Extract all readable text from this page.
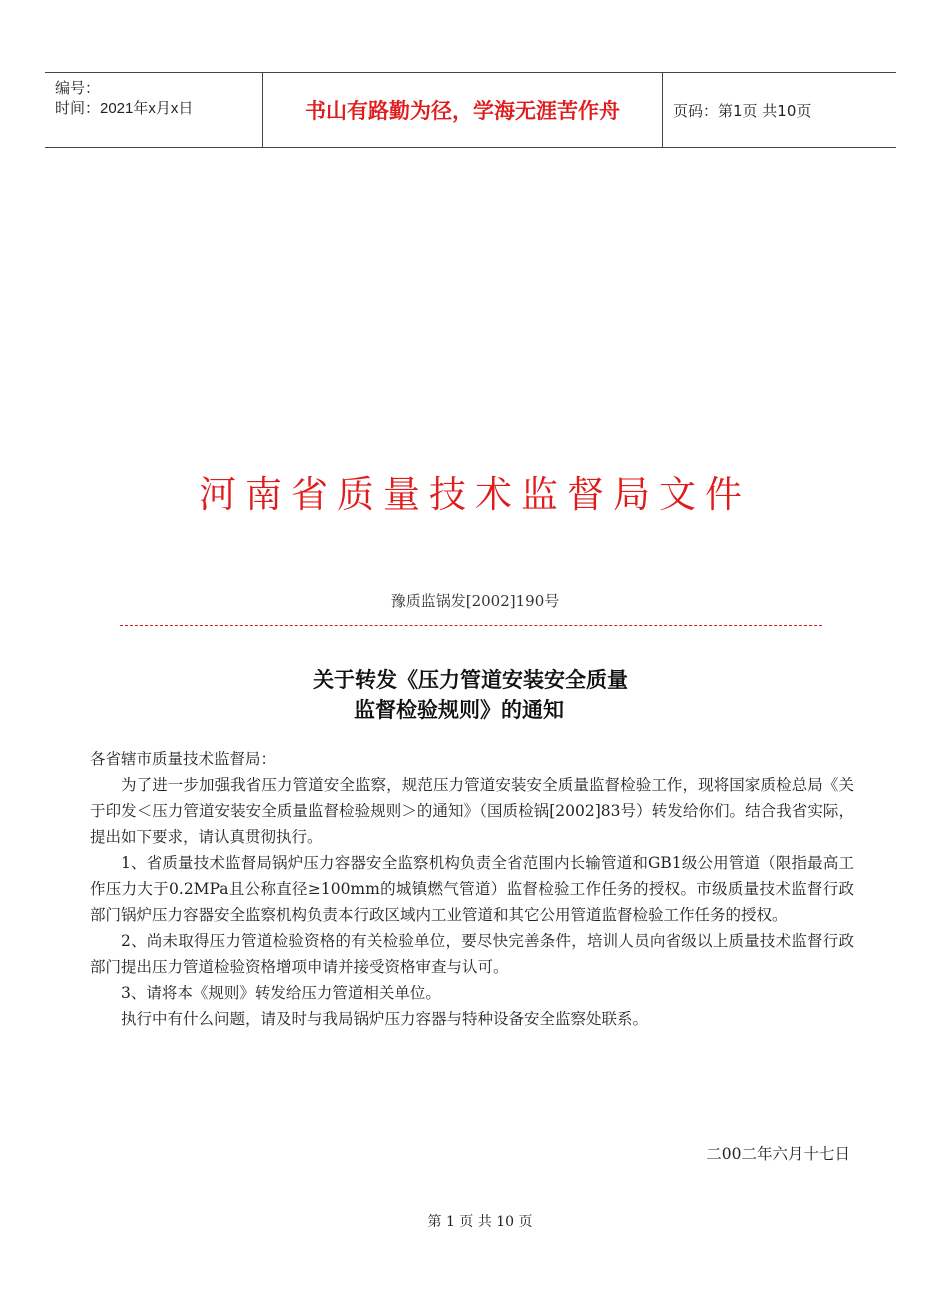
编号：
时间：2021年x月x日	书山有路勤为径，学海无涯苦作舟	页码：第1页 共10页
河南省质量技术监督局文件
豫质监锅发[2002]190号
关于转发《压力管道安装安全质量
监督检验规则》的通知

各省辖市质量技术监督局：

为了进一步加强我省压力管道安全监察，规范压力管道安装安全质量监督检验工作，现将国家质检总局《关于印发＜压力管道安装安全质量监督检验规则＞的通知》（国质检锅[2002]83号）转发给你们。结合我省实际，提出如下要求，请认真贯彻执行。

1、省质量技术监督局锅炉压力容器安全监察机构负责全省范围内长输管道和GB1级公用管道（限指最高工作压力大于0.2MPa且公称直径≥100mm的城镇燃气管道）监督检验工作任务的授权。市级质量技术监督行政部门锅炉压力容器安全监察机构负责本行政区域内工业管道和其它公用管道监督检验工作任务的授权。

2、尚未取得压力管道检验资格的有关检验单位，要尽快完善条件，培训人员向省级以上质量技术监督行政部门提出压力管道检验资格增项申请并接受资格审查与认可。

3、请将本《规则》转发给压力管道相关单位。

执行中有什么问题，请及时与我局锅炉压力容器与特种设备安全监察处联系。

二00二年六月十七日
第 1 页 共 10 页
